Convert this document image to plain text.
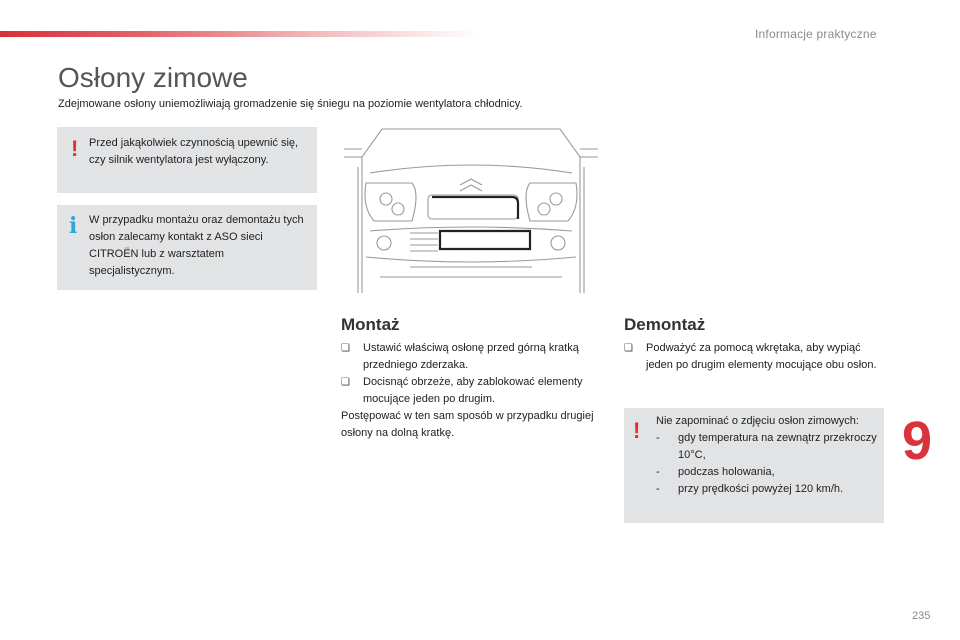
Informacje praktyczne
Osłony zimowe
Zdejmowane osłony uniemożliwiają gromadzenie się śniegu na poziomie wentylatora chłodnicy.
! Przed jakąkolwiek czynnością upewnić się, czy silnik wentylatora jest wyłączony.
i W przypadku montażu oraz demontażu tych osłon zalecamy kontakt z ASO sieci CITROËN lub z warsztatem specjalistycznym.
Montaż
❏	Ustawić właściwą osłonę przed górną kratką przedniego zderzaka.
❏	Docisnąć obrzeże, aby zablokować elementy mocujące jeden po drugim.
Postępować w ten sam sposób w przypadku drugiej osłony na dolną kratkę.
Demontaż
❏	Podważyć za pomocą wkrętaka, aby wypiąć jeden po drugim elementy mocujące obu osłon.
! Nie zapominać o zdjęciu osłon zimowych:
-	gdy temperatura na zewnątrz przekroczy 10°C,
-	podczas holowania,
-	przy prędkości powyżej 120 km/h.
9
235
